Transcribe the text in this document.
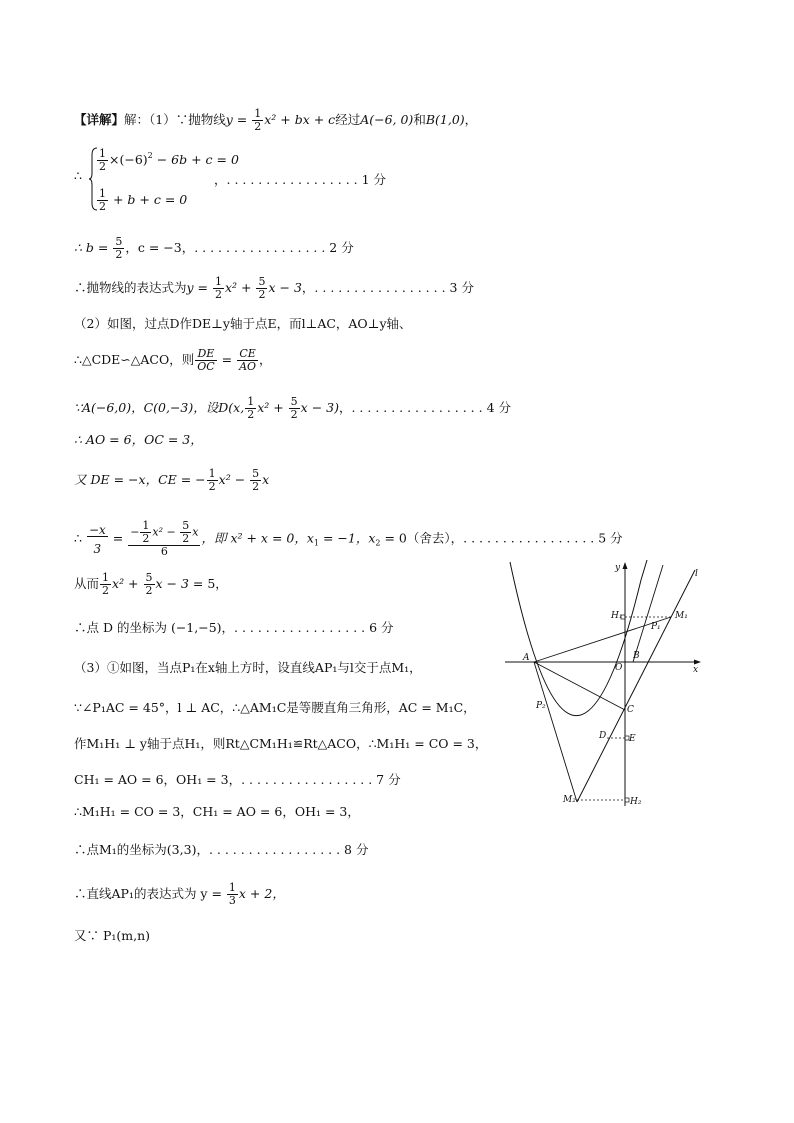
【详解】解：（1）∵抛物线$y = \frac{1}{2} x^2$ + bx + c经过A(−6, 0)和B(1,0)，
∴
$\frac{1}{2} \times(-6)^2 - 6b + c = 0$
，. . . . . . . . . . . . . . . . . 1 分
$\frac{1}{2} + b + c = 0$
∴ $b = \frac{5}{2}$ ，c = −3，. . . . . . . . . . . . . . . . . 2 分
∴抛物线的表达式为$y = \frac{1}{2} x^2 + \frac{5}{2}$ x − 3，. . . . . . . . . . . . . . . . . 3 分
（2）如图，过点D作DE⊥y轴于点E，而l⊥AC，AO⊥y轴、
∴△CDE∽△ACO，则 $\frac{DE}{OC} = \frac{CE}{AO}$ ，
∵A(−6,0)，C(0,−3)，设D(x, $\frac{1}{2} x^2 + \frac{5}{2}$ x − 3)，. . . . . . . . . . . . . . . . . 4 分
∴ AO = 6，OC = 3，
又 DE = −x，CE = − $\frac{1}{2} x^2 - \frac{5}{2}$ x
∴ $\frac{-x}{3} = \frac{- \frac{1}{2} x^2 - \frac{5}{2} x}{6}$ ，即 x² + x = 0，$x_1 = -1$，$x_2 = 0$（舍去），. . . . . . . . . . . . . . . . . 5 分
从而 $\frac{1}{2} x^2 + \frac{5}{2}$ x − 3 = 5，
∴点 D 的坐标为 (−1,−5)，. . . . . . . . . . . . . . . . . 6 分
（3）①如图，当点P₁在x轴上方时，设直线AP₁与l交于点M₁，
∵∠P₁AC = 45°，l ⊥ AC，∴△AM₁C是等腰直角三角形，AC = M₁C，
作M₁H₁ ⊥ y轴于点H₁，则Rt△CM₁H₁≌Rt△ACO，∴M₁H₁ = CO = 3，
CH₁ = AO = 6，OH₁ = 3，. . . . . . . . . . . . . . . . . 7 分
∴M₁H₁ = CO = 3，CH₁ = AO = 6，OH₁ = 3，
∴点M₁的坐标为(3,3)，. . . . . . . . . . . . . . . . . 8 分
∴直线AP₁的表达式为 $y = \frac{1}{3}$ x + 2，
又∵ P₁(m,n)
y
x
l
A
O
B
C
D	E
P₁
P₂
M₁
M₂
H₁
H₂
